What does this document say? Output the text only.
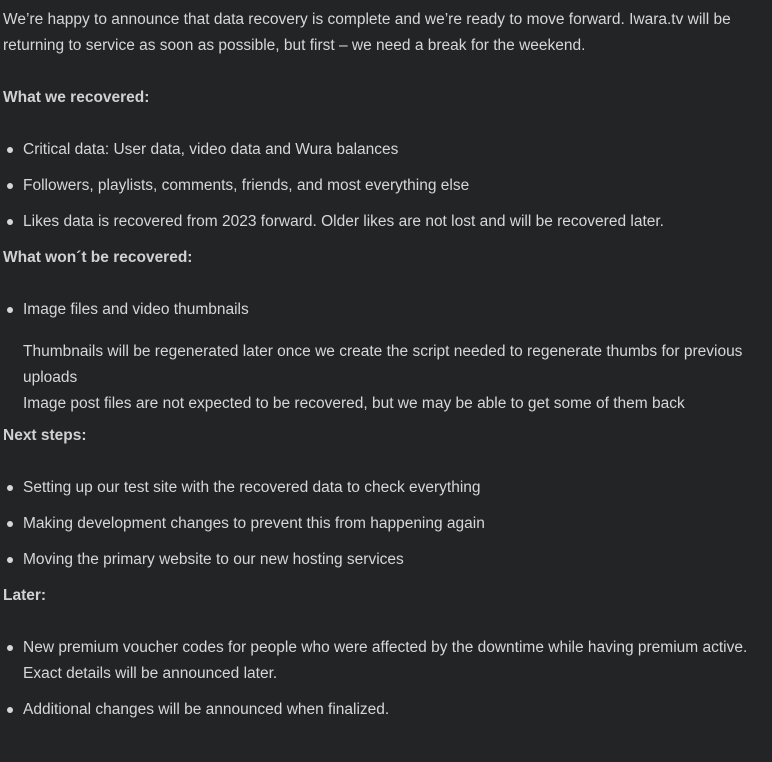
We’re happy to announce that data recovery is complete and we’re ready to move forward. Iwara.tv will be returning to service as soon as possible, but first – we need a break for the weekend.

What we recovered:

Critical data: User data, video data and Wura balances
Followers, playlists, comments, friends, and most everything else
Likes data is recovered from 2023 forward. Older likes are not lost and will be recovered later.

What won´t be recovered:

Image files and video thumbnails

Thumbnails will be regenerated later once we create the script needed to regenerate thumbs for previous uploads

Image post files are not expected to be recovered, but we may be able to get some of them back

Next steps:

Setting up our test site with the recovered data to check everything
Making development changes to prevent this from happening again
Moving the primary website to our new hosting services

Later:

New premium voucher codes for people who were affected by the downtime while having premium active. Exact details will be announced later.
Additional changes will be announced when finalized.
